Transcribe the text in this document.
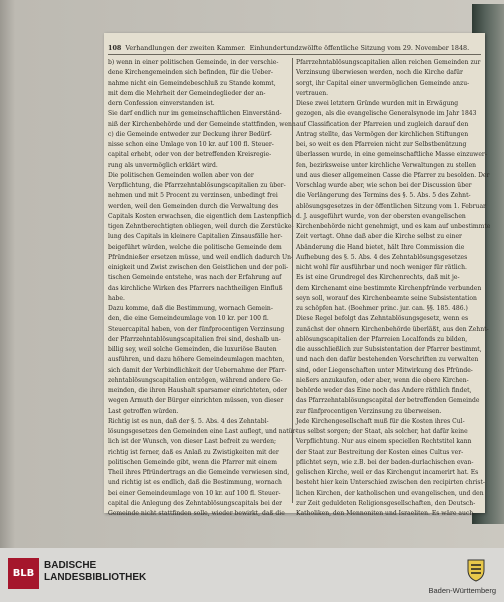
108 Verhandlungen der zweiten Kammer. Einhundertundzwölfte öffentliche Sitzung vom 29. November 1848.
b) wenn in einer politischen Gemeinde, in der verschie-
dene Kirchengemeinden sich befinden, für die Ueber-
nahme nicht ein Gemeindebeschluß zu Stande kommt,
mit dem die Mehrheit der Gemeindeglieder der an-
dern Confession einverstanden ist.
Sie darf endlich nur im gemeinschaftlichen Einverständ-
niß der Kirchenbehörde und der Gemeinde stattfinden, wenn
c) die Gemeinde entweder zur Deckung ihrer Bedürf-
nisse schon eine Umlage von 10 kr. auf 100 fl. Steuer-
capital erhebt, oder von der betreffenden Kreisregie-
rung als unvermöglich erklärt wird.
Die politischen Gemeinden wollen aber von der
Verpflichtung, die Pfarrzehntablösungscapitalien zu über-
nehmen und mit 5 Procent zu verzinsen, unbedingt frei
werden, weil den Gemeinden durch die Verwaltung des
Capitals Kosten erwachsen, die eigentlich dem Lastenpflich-
tigen Zehntberechtigten obliegen, weil durch die Zerstücke-
lung des Capitals in kleinere Capitalien Zinsausfälle her-
beigeführt würden, welche die politische Gemeinde dem
Pfründnießer ersetzen müsse, und weil endlich dadurch Un-
einigkeit und Zwist zwischen den Geistlichen und der poli-
tischen Gemeinde entstehe, was nach der Erfahrung auf
das kirchliche Wirken des Pfarrers nachtheiligen Einfluß
habe.
Dazu komme, daß die Bestimmung, wornach Gemein-
den, die eine Gemeindeumlage von 10 kr. per 100 fl.
Steuercapital haben, von der fünfprocentigen Verzinsung
der Pfarrzehntablösungscapitalien frei sind, deshalb un-
billig sey, weil solche Gemeinden, die luxuriöse Bauten
ausführen, und dazu höhere Gemeindeumlagen machten,
sich damit der Verbindlichkeit der Uebernahme der Pfarr-
zehntablösungscapitalien entzögen, während andere Ge-
meinden, die ihren Haushalt sparsamer einrichteten, oder
wegen Armuth der Bürger einrichten müssen, von dieser
Last getroffen würden.
Richtig ist es nun, daß der §. 5. Abs. 4 des Zehntabl-
lösungsgesetzes den Gemeinden eine Last auflegt, und natür-
lich ist der Wunsch, von dieser Last befreit zu werden;
richtig ist ferner, daß es Anlaß zu Zwistigkeiten mit der
politischen Gemeinde gibt, wenn die Pfarrer mit einem
Theil ihres Pfründertrags an die Gemeinde verwiesen sind,
und richtig ist es endlich, daß die Bestimmung, wornach
bei einer Gemeindeumlage von 10 kr. auf 100 fl. Steuer-
capital die Anlegung des Zehntablösungscapitals bei der
Gemeinde nicht stattfinden solle, wieder bewirkt, daß die
Pfarrzehntablösungscapitalien allen reichen Gemeinden zur
Verzinsung überwiesen werden, noch die Kirche dafür
sorgt, ihr Capital einer unvermöglichen Gemeinde anzu-
vertrauen.
Diese zwei letztern Gründe wurden mit in Erwägung
gezogen, als die evangelische Generalsynode im Jahr 1843
auf Classification der Pfarreien und zugleich darauf den
Antrag stellte, das Vermögen der kirchlichen Stiftungen
bei, so weit es den Pfarreien nicht zur Selbstbenützung
überlassen wurde, in eine gemeinschaftliche Masse einzuwer-
fen, bezirksweise unter kirchliche Verwaltungen zu stellen
und aus dieser allgemeinen Casse die Pfarrer zu besolden. Der
Vorschlag wurde aber, wie schon bei der Discussion über
die Verlängerung des Termins des §. 5. Abs. 5 des Zehnt-
ablösungsgesetzes in der öffentlichen Sitzung vom 1. Februar
d. J. ausgeführt wurde, von der obersten evangelischen
Kirchenbehörde nicht genehmigt, und es kam auf unbestimmte
Zeit vertagt. Ohne daß aber die Kirche selbst zu einer
Abänderung die Hand bietet, hält Ihre Commission die
Aufhebung des §. 5. Abs. 4 des Zehntablösungsgesetzes
nicht wohl für ausführbar und noch weniger für rätlich.
Es ist eine Grundregel des Kirchenrechts, daß mit je-
dem Kirchenamt eine bestimmte Kirchenpfründe verbunden
seyn soll, worauf des Kirchenbeamte seine Subsistentation
zu schöpfen hat. (Boehmer princ. jur. can. §§. 185. 486.)
Diese Regel befolgt das Zehntablösungsgesetz, wenn es
zunächst der ohnern Kirchenbehörde überläßt, aus den Zehnt-
ablösungscapitalien der Pfarreien Localfonds zu bilden,
die ausschließlich zur Subsistentation der Pfarrer bestimmt,
und nach den dafür bestehenden Vorschriften zu verwalten
sind, oder Liegenschaften unter Mitwirkung des Pfründe-
nießers anzukaufen, oder aber, wenn die obere Kirchen-
behörde weder das Eine noch das Andere räthlich findet,
das Pfarrzehntablösungscapital der betreffenden Gemeinde
zur fünfprocentigen Verzinsung zu überweisen.
Jede Kirchengesellschaft muß für die Kosten ihres Cul-
tus selbst sorgen; der Staat, als solcher, hat dafür keine
Verpflichtung. Nur aus einem speciellen Rechtstitel kann
der Staat zur Bestreitung der Kosten eines Cultus ver-
pflichtet seyn, wie z.B. bei der baden-durlachischen evan-
gelischen Kirche, weil er das Kirchengut incamerirt hat. Es
besteht hier kein Unterschied zwischen den recipirten christ-
lichen Kirchen, der katholischen und evangelischen, und den
zur Zeit geduldeten Religionsgesellschaften, den Deutsch-
Katholiken, den Mennoniten und Israeliten. Es wäre auch
BLB
BADISCHE
LANDESBIBLIOTHEK
Baden-Württemberg
